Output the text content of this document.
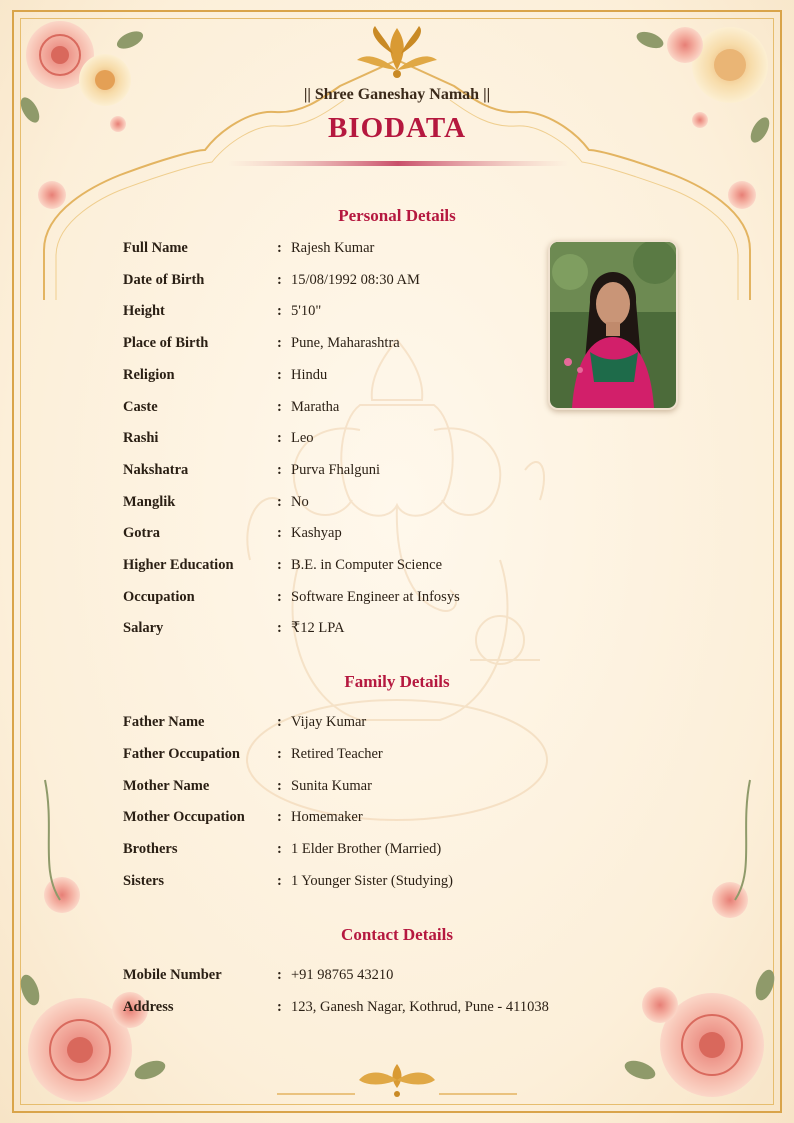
|| Shree Ganeshay Namah ||
BIODATA
Personal Details
Full Name	: Rajesh Kumar
Date of Birth	: 15/08/1992 08:30 AM
Height	: 5'10"
Place of Birth	: Pune, Maharashtra
Religion	: Hindu
Caste	: Maratha
Rashi	: Leo
Nakshatra	: Purva Fhalguni
Manglik	: No
Gotra	: Kashyap
Higher Education	: B.E. in Computer Science
Occupation	: Software Engineer at Infosys
Salary	: ₹12 LPA
Family Details
Father Name	: Vijay Kumar
Father Occupation	: Retired Teacher
Mother Name	: Sunita Kumar
Mother Occupation : Homemaker
Brothers	: 1 Elder Brother (Married)
Sisters	: 1 Younger Sister (Studying)
Contact Details
Mobile Number	: +91 98765 43210
Address	: 123, Ganesh Nagar, Kothrud, Pune - 411038
